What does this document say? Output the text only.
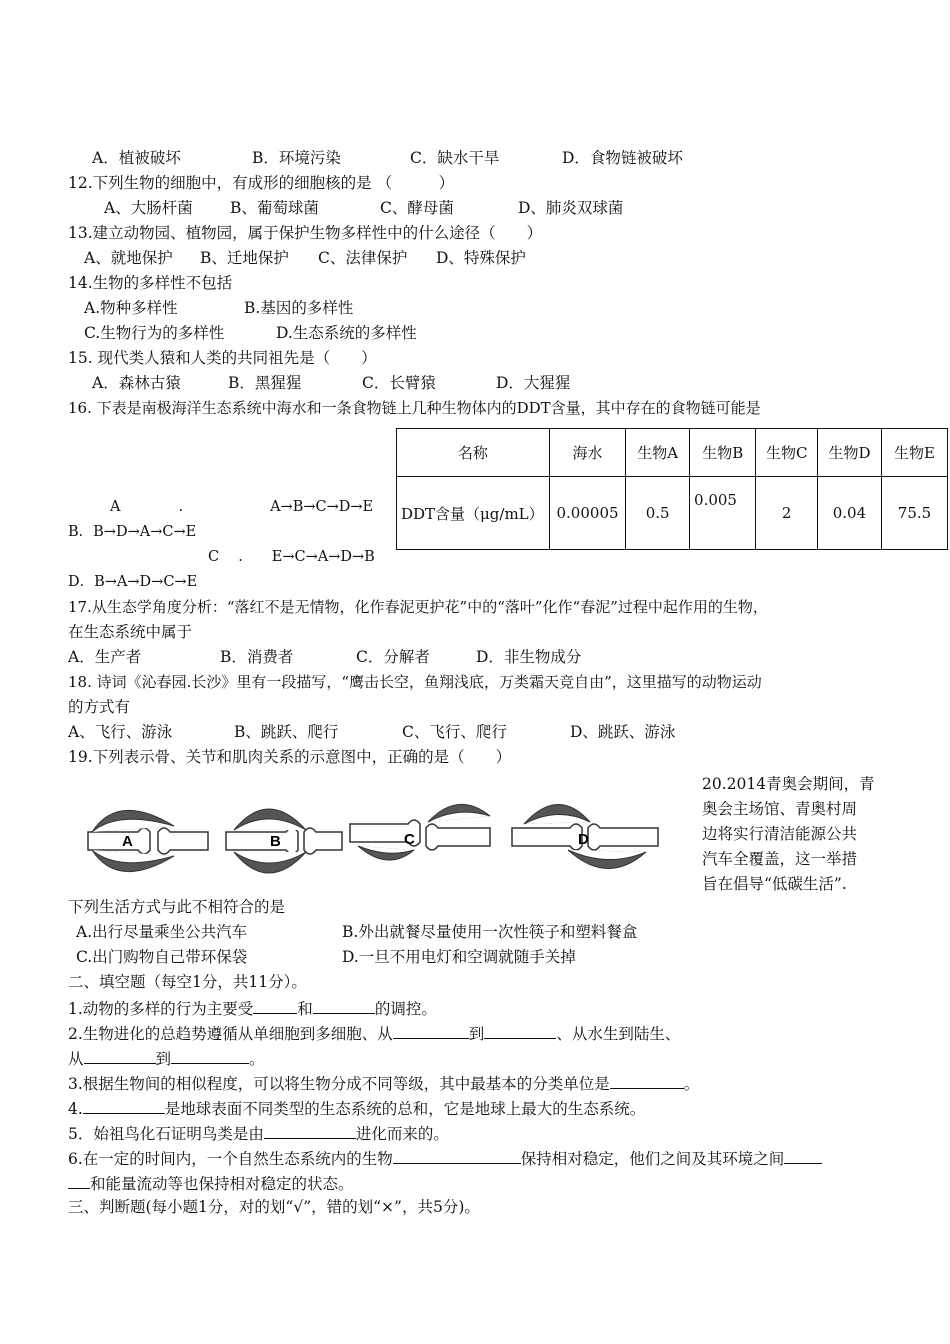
A．植被破坏	B．环境污染	C．缺水干旱	D．食物链被破坏
12.下列生物的细胞中，有成形的细胞核的是 （　　　）
A、大肠杆菌 B、葡萄球菌	C、酵母菌	D、肺炎双球菌
13.建立动物园、植物园，属于保护生物多样性中的什么途径（　　）
A、就地保护 B、迁地保护 C、法律保护 D、特殊保护
14.生物的多样性不包括
A.物种多样性	B.基因的多样性
C.生物行为的多样性	D.生态系统的多样性
15. 现代类人猿和人类的共同祖先是（　　）
A．森林古猿	B．黑猩猩	C．长臂猿	D．大猩猩
16. 下表是南极海洋生态系统中海水和一条食物链上几种生物体内的DDT含量，其中存在的食物链可能是
名称	海水	生物A	生物B	生物C	生物D	生物E
DDT含量（μg/mL）	0.00005	0.5	0.005	2	0.04	75.5
A　　　　.　　　　　　A→B→C→D→E
B．B→D→A→C→E
C　 .　　E→C→A→D→B
D．B→A→D→C→E
17.从生态学角度分析：“落红不是无情物，化作春泥更护花”中的“落叶”化作“春泥”过程中起作用的生物，
在生态系统中属于
A．生产者	B．消费者	C．分解者	D．非生物成分
18. 诗词《沁春园.长沙》里有一段描写，“鹰击长空，鱼翔浅底，万类霜天竞自由”，这里描写的动物运动
的方式有
A、飞行、游泳	B、跳跃、爬行	C、飞行、爬行	D、跳跃、游泳
19.下列表示骨、关节和肌肉关系的示意图中，正确的是（　　）
A	B	C	D
20.2014青奥会期间，青
奥会主场馆、青奥村周
边将实行清洁能源公共
汽车全覆盖，这一举措
旨在倡导“低碳生活”.
下列生活方式与此不相符合的是
A.出行尽量乘坐公共汽车	B.外出就餐尽量使用一次性筷子和塑料餐盒
C.出门购物自己带环保袋	D.一旦不用电灯和空调就随手关掉
二、填空题（每空1分，共11分）。
1.动物的多样的行为主要受	和	的调控。
2.生物进化的总趋势遵循从单细胞到多细胞、从	到	、从水生到陆生、
从	到	。
3.根据生物间的相似程度，可以将生物分成不同等级，其中最基本的分类单位是	。
4.	是地球表面不同类型的生态系统的总和，它是地球上最大的生态系统。
5．始祖鸟化石证明鸟类是由	进化而来的。
6.在一定的时间内，一个自然生态系统内的生物	保持相对稳定，他们之间及其环境之间
和能量流动等也保持相对稳定的状态。
三、判断题(每小题1分，对的划“√”，错的划“×”，共5分)。
